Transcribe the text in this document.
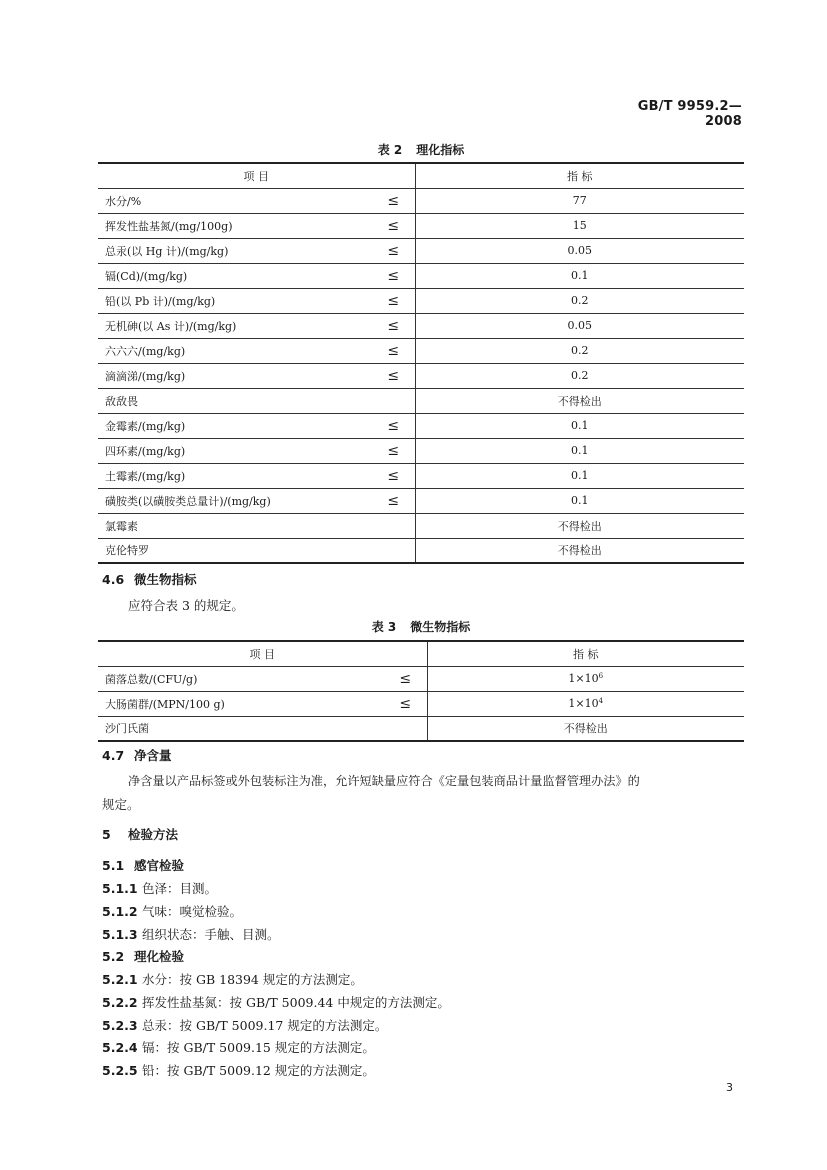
GB/T 9959.2—2008
表 2 理化指标
项 目		指 标
水分/%	≤	77
挥发性盐基氮/(mg/100g)	≤	15
总汞(以 Hg 计)/(mg/kg)	≤	0.05
镉(Cd)/(mg/kg)	≤	0.1
铅(以 Pb 计)/(mg/kg)	≤	0.2
无机砷(以 As 计)/(mg/kg)	≤	0.05
六六六/(mg/kg)	≤	0.2
滴滴涕/(mg/kg)	≤	0.2
敌敌畏		不得检出
金霉素/(mg/kg)	≤	0.1
四环素/(mg/kg)	≤	0.1
土霉素/(mg/kg)	≤	0.1
磺胺类(以磺胺类总量计)/(mg/kg)	≤	0.1
氯霉素		不得检出
克伦特罗		不得检出
4.6 微生物指标
应符合表 3 的规定。
表 3 微生物指标
项 目		指 标
菌落总数/(CFU/g)	≤	$1\times 10^6$
大肠菌群/(MPN/100 g)	≤	$1\times 10^4$
沙门氏菌		不得检出
4.7 净含量
净含量以产品标签或外包装标注为准，允许短缺量应符合《定量包装商品计量监督管理办法》的
规定。
5 检验方法
5.1 感官检验
5.1.1 色泽：目测。
5.1.2 气味：嗅觉检验。
5.1.3 组织状态：手触、目测。
5.2 理化检验
5.2.1 水分：按 GB 18394 规定的方法测定。
5.2.2 挥发性盐基氮：按 GB/T 5009.44 中规定的方法测定。
5.2.3 总汞：按 GB/T 5009.17 规定的方法测定。
5.2.4 镉：按 GB/T 5009.15 规定的方法测定。
5.2.5 铅：按 GB/T 5009.12 规定的方法测定。
3
